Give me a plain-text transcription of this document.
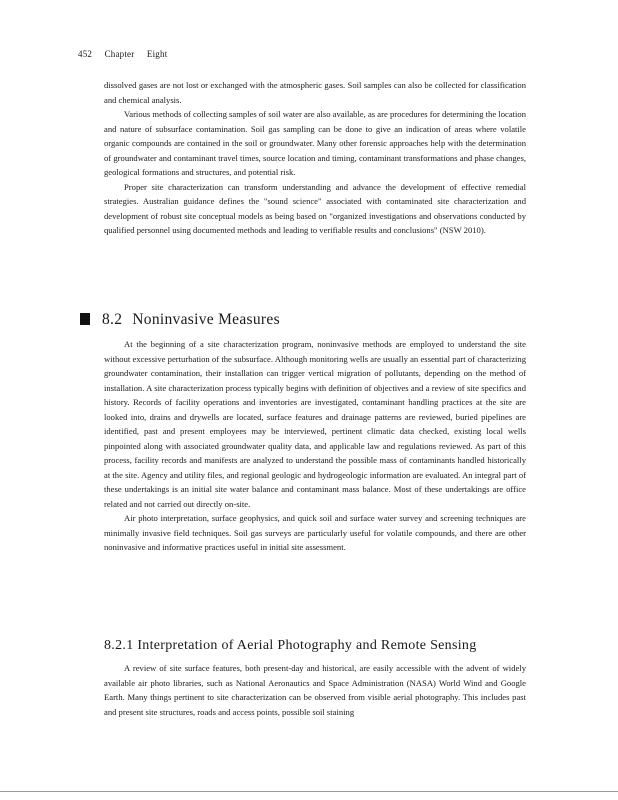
452 Chapter Eight

dissolved gases are not lost or exchanged with the atmospheric gases. Soil samples can also be collected for classification and chemical analysis.

Various methods of collecting samples of soil water are also available, as are procedures for determining the location and nature of subsurface contamination. Soil gas sampling can be done to give an indication of areas where volatile organic compounds are contained in the soil or groundwater. Many other forensic approaches help with the determination of groundwater and contaminant travel times, source location and timing, contaminant transformations and phase changes, geological formations and structures, and potential risk.

Proper site characterization can transform understanding and advance the development of effective remedial strategies. Australian guidance defines the "sound science" associated with contaminated site characterization and development of robust site conceptual models as being based on "organized investigations and observations conducted by qualified personnel using documented methods and leading to verifiable results and conclusions" (NSW 2010).

8.2 Noninvasive Measures

At the beginning of a site characterization program, noninvasive methods are employed to understand the site without excessive perturbation of the subsurface. Although monitoring wells are usually an essential part of characterizing groundwater contamination, their installation can trigger vertical migration of pollutants, depending on the method of installation. A site characterization process typically begins with definition of objectives and a review of site specifics and history. Records of facility operations and inventories are investigated, contaminant handling practices at the site are looked into, drains and drywells are located, surface features and drainage patterns are reviewed, buried pipelines are identified, past and present employees may be interviewed, pertinent climatic data checked, existing local wells pinpointed along with associated groundwater quality data, and applicable law and regulations reviewed. As part of this process, facility records and manifests are analyzed to understand the possible mass of contaminants handled historically at the site. Agency and utility files, and regional geologic and hydrogeologic information are evaluated. An integral part of these undertakings is an initial site water balance and contaminant mass balance. Most of these undertakings are office related and not carried out directly on-site.

Air photo interpretation, surface geophysics, and quick soil and surface water survey and screening techniques are minimally invasive field techniques. Soil gas surveys are particularly useful for volatile compounds, and there are other noninvasive and informative practices useful in initial site assessment.

8.2.1 Interpretation of Aerial Photography and Remote Sensing

A review of site surface features, both present-day and historical, are easily accessible with the advent of widely available air photo libraries, such as National Aeronautics and Space Administration (NASA) World Wind and Google Earth. Many things pertinent to site characterization can be observed from visible aerial photography. This includes past and present site structures, roads and access points, possible soil staining
